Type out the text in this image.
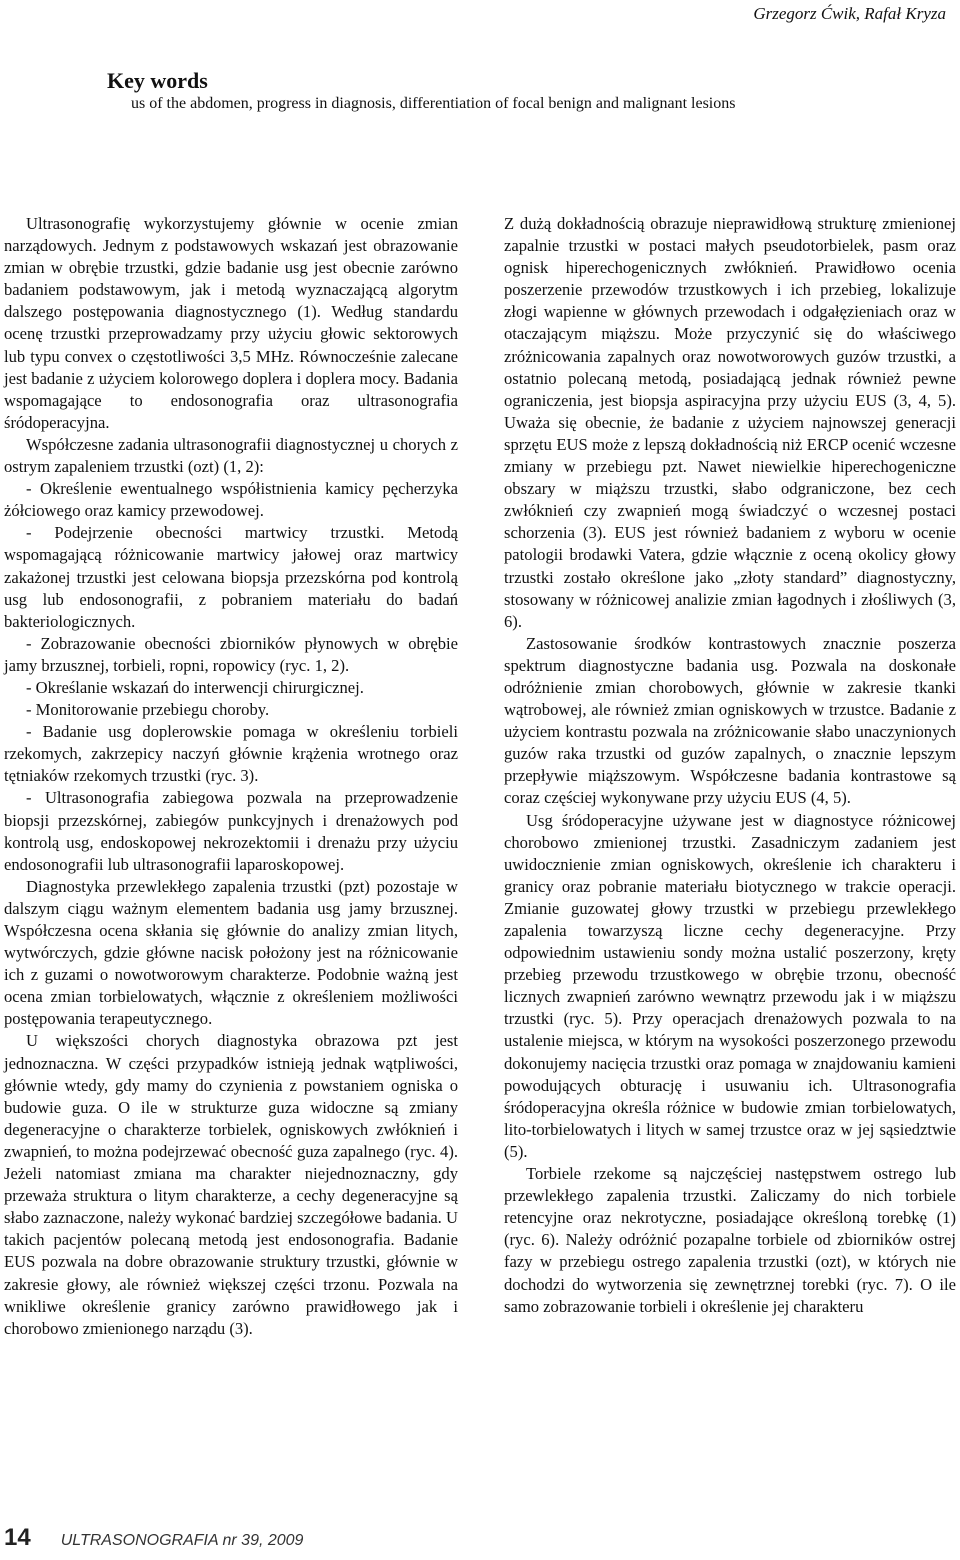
Grzegorz Ćwik, Rafał Kryza
Key words
us of the abdomen, progress in diagnosis, differentiation of focal benign and malignant lesions

Ultrasonografię wykorzystujemy głównie w ocenie zmian narządowych. Jednym z podstawowych wskazań jest obrazowanie zmian w obrębie trzustki, gdzie badanie usg jest obecnie zarówno badaniem podstawowym, jak i metodą wyznaczającą algorytm dalszego postępowania diagnostycznego (1). Według standardu ocenę trzustki przeprowadzamy przy użyciu głowic sektorowych lub typu convex o częstotliwości 3,5 MHz. Równocześnie zalecane jest badanie z użyciem kolorowego doplera i doplera mocy. Badania wspomagające to endosonografia oraz ultrasonografia śródoperacyjna.

Współczesne zadania ultrasonografii diagnostycznej u chorych z ostrym zapaleniem trzustki (ozt) (1, 2):

- Określenie ewentualnego współistnienia kamicy pęcherzyka żółciowego oraz kamicy przewodowej.

- Podejrzenie obecności martwicy trzustki. Metodą wspomagającą różnicowanie martwicy jałowej oraz martwicy zakażonej trzustki jest celowana biopsja przezskórna pod kontrolą usg lub endosonografii, z pobraniem materiału do badań bakteriologicznych.

- Zobrazowanie obecności zbiorników płynowych w obrębie jamy brzusznej, torbieli, ropni, ropowicy (ryc. 1, 2).

- Określanie wskazań do interwencji chirurgicznej.

- Monitorowanie przebiegu choroby.

- Badanie usg doplerowskie pomaga w określeniu torbieli rzekomych, zakrzepicy naczyń głównie krążenia wrotnego oraz tętniaków rzekomych trzustki (ryc. 3).

- Ultrasonografia zabiegowa pozwala na przeprowadzenie biopsji przezskórnej, zabiegów punkcyjnych i drenażowych pod kontrolą usg, endoskopowej nekrozektomii i drenażu przy użyciu endosonografii lub ultrasonografii laparoskopowej.

Diagnostyka przewlekłego zapalenia trzustki (pzt) pozostaje w dalszym ciągu ważnym elementem badania usg jamy brzusznej. Współczesna ocena skłania się głównie do analizy zmian litych, wytwórczych, gdzie główne nacisk położony jest na różnicowanie ich z guzami o nowotworowym charakterze. Podobnie ważną jest ocena zmian torbielowatych, włącznie z określeniem możliwości postępowania terapeutycznego.

U większości chorych diagnostyka obrazowa pzt jest jednoznaczna. W części przypadków istnieją jednak wątpliwości, głównie wtedy, gdy mamy do czynienia z powstaniem ogniska o budowie guza. O ile w strukturze guza widoczne są zmiany degeneracyjne o charakterze torbielek, ogniskowych zwłóknień i zwapnień, to można podejrzewać obecność guza zapalnego (ryc. 4). Jeżeli natomiast zmiana ma charakter niejednoznaczny, gdy przeważa struktura o litym charakterze, a cechy degeneracyjne są słabo zaznaczone, należy wykonać bardziej szczegółowe badania. U takich pacjentów polecaną metodą jest endosonografia. Badanie EUS pozwala na dobre obrazowanie struktury trzustki, głównie w zakresie głowy, ale również większej części trzonu. Pozwala na wnikliwe określenie granicy zarówno prawidłowego jak i chorobowo zmienionego narządu (3).

Z dużą dokładnością obrazuje nieprawidłową strukturę zmienionej zapalnie trzustki w postaci małych pseudotorbielek, pasm oraz ognisk hiperechogenicznych zwłóknień. Prawidłowo ocenia poszerzenie przewodów trzustkowych i ich przebieg, lokalizuje złogi wapienne w głównych przewodach i odgałęzieniach oraz w otaczającym miąższu. Może przyczynić się do właściwego zróżnicowania zapalnych oraz nowotworowych guzów trzustki, a ostatnio polecaną metodą, posiadającą jednak również pewne ograniczenia, jest biopsja aspiracyjna przy użyciu EUS (3, 4, 5). Uważa się obecnie, że badanie z użyciem najnowszej generacji sprzętu EUS może z lepszą dokładnością niż ERCP ocenić wczesne zmiany w przebiegu pzt. Nawet niewielkie hiperechogeniczne obszary w miąższu trzustki, słabo odgraniczone, bez cech zwłóknień czy zwapnień mogą świadczyć o wczesnej postaci schorzenia (3). EUS jest również badaniem z wyboru w ocenie patologii brodawki Vatera, gdzie włącznie z oceną okolicy głowy trzustki zostało określone jako „złoty standard” diagnostyczny, stosowany w różnicowej analizie zmian łagodnych i złośliwych (3, 6).

Zastosowanie środków kontrastowych znacznie poszerza spektrum diagnostyczne badania usg. Pozwala na doskonałe odróżnienie zmian chorobowych, głównie w zakresie tkanki wątrobowej, ale również zmian ogniskowych w trzustce. Badanie z użyciem kontrastu pozwala na zróżnicowanie słabo unaczynionych guzów raka trzustki od guzów zapalnych, o znacznie lepszym przepływie miąższowym. Współczesne badania kontrastowe są coraz częściej wykonywane przy użyciu EUS (4, 5).

Usg śródoperacyjne używane jest w diagnostyce różnicowej chorobowo zmienionej trzustki. Zasadniczym zadaniem jest uwidocznienie zmian ogniskowych, określenie ich charakteru i granicy oraz pobranie materiału biotycznego w trakcie operacji. Zmianie guzowatej głowy trzustki w przebiegu przewlekłego zapalenia towarzyszą liczne cechy degeneracyjne. Przy odpowiednim ustawieniu sondy można ustalić poszerzony, kręty przebieg przewodu trzustkowego w obrębie trzonu, obecność licznych zwapnień zarówno wewnątrz przewodu jak i w miąższu trzustki (ryc. 5). Przy operacjach drenażowych pozwala to na ustalenie miejsca, w którym na wysokości poszerzonego przewodu dokonujemy nacięcia trzustki oraz pomaga w znajdowaniu kamieni powodujących obturację i usuwaniu ich. Ultrasonografia śródoperacyjna określa różnice w budowie zmian torbielowatych, lito-torbielowatych i litych w samej trzustce oraz w jej sąsiedztwie (5).

Torbiele rzekome są najczęściej następstwem ostrego lub przewlekłego zapalenia trzustki. Zaliczamy do nich torbiele retencyjne oraz nekrotyczne, posiadające określoną torebkę (1) (ryc. 6). Należy odróżnić pozapalne torbiele od zbiorników ostrej fazy w przebiegu ostrego zapalenia trzustki (ozt), w których nie dochodzi do wytworzenia się zewnętrznej torebki (ryc. 7). O ile samo zobrazowanie torbieli i określenie jej charakteru

14 ULTRASONOGRAFIA nr 39, 2009
